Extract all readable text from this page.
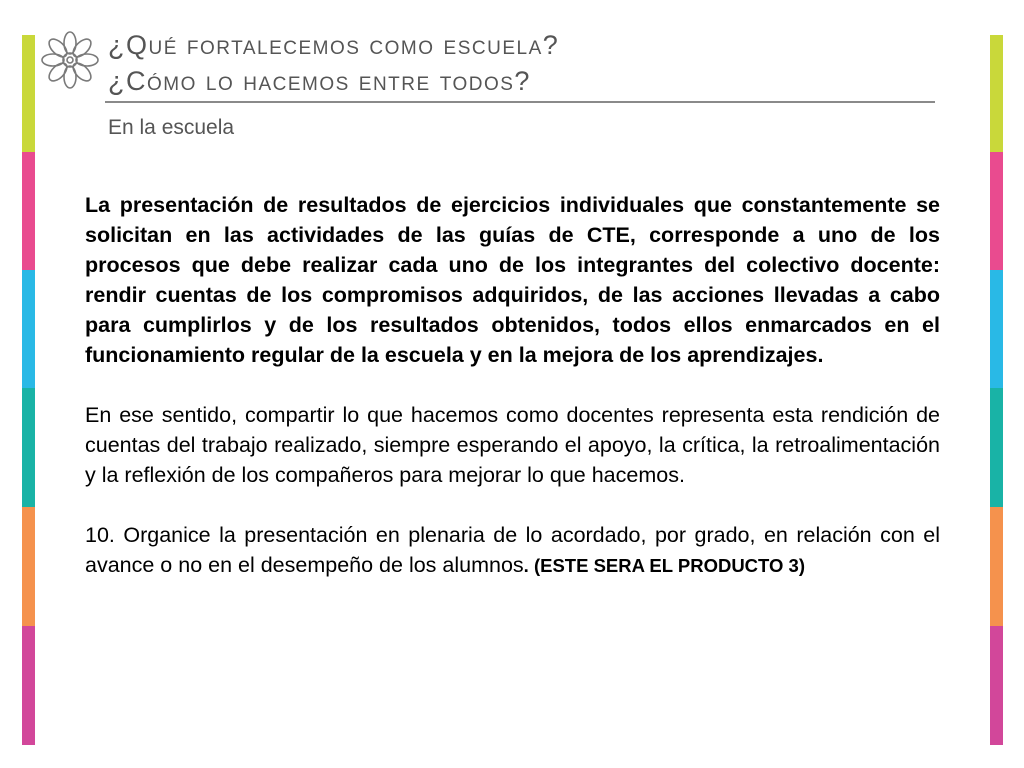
¿Qué fortalecemos como escuela?
¿Cómo lo hacemos entre todos?
En la escuela

La presentación de resultados de ejercicios individuales que constantemente se solicitan en las actividades de las guías de CTE, corresponde a uno de los procesos que debe realizar cada uno de los integrantes del colectivo docente: rendir cuentas de los compromisos adquiridos, de las acciones llevadas a cabo para cumplirlos y de los resultados obtenidos, todos ellos enmarcados en el funcionamiento regular de la escuela y en la mejora de los aprendizajes.

En ese sentido, compartir lo que hacemos como docentes representa esta rendición de cuentas del trabajo realizado, siempre esperando el apoyo, la crítica, la retroalimentación y la reflexión de los compañeros para mejorar lo que hacemos.

10. Organice la presentación en plenaria de lo acordado, por grado, en relación con el avance o no en el desempeño de los alumnos. (ESTE SERA EL PRODUCTO 3)
